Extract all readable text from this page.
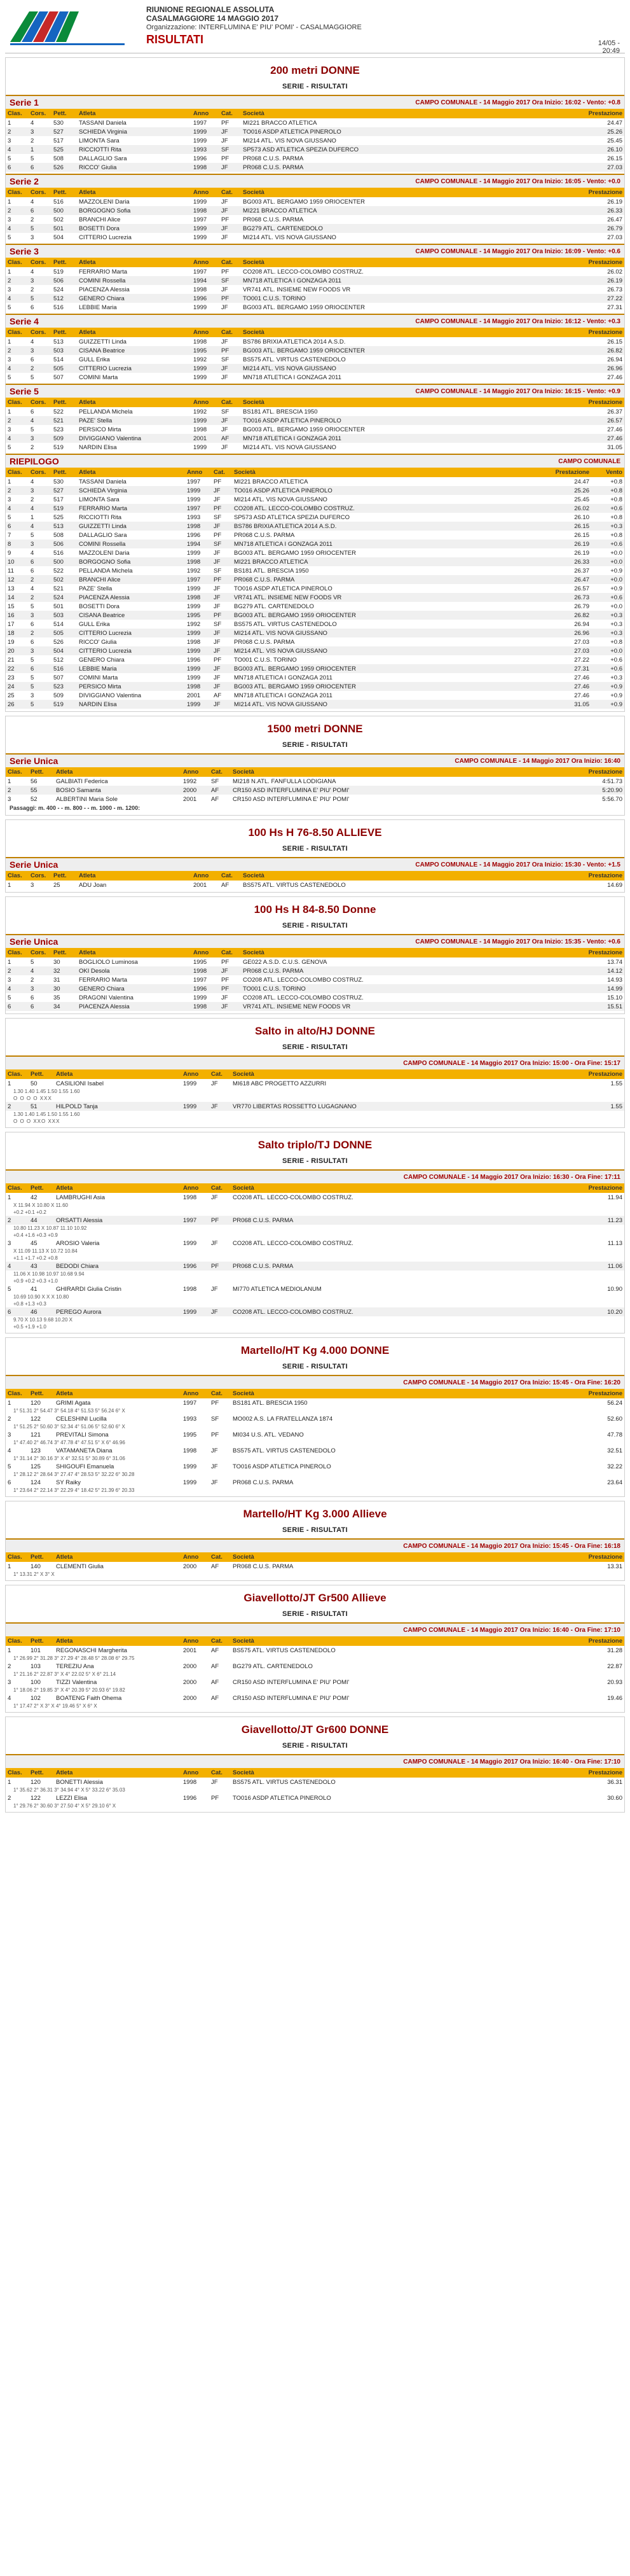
RIUNIONE REGIONALE ASSOLUTA
CASALMAGGIORE 14 MAGGIO 2017
Organizzazione: INTERFLUMINA E' PIU' POMI' - CASALMAGGIORE
RISULTATI	14/05 -
20:49
200 metri DONNE
SERIE - RISULTATI
Serie 1	CAMPO COMUNALE - 14 Maggio 2017 Ora Inizio: 16:02 - Vento: +0.8
Clas.	Cors.	Pett.	Atleta	Anno	Cat.	Società	Prestazione
1	4	530	TASSANI Daniela	1997	PF	MI221 BRACCO ATLETICA	24.47
2	3	527	SCHIEDA Virginia	1999	JF	TO016 ASDP ATLETICA PINEROLO	25.26
3	2	517	LIMONTA Sara	1999	JF	MI214 ATL. VIS NOVA GIUSSANO	25.45
4	1	525	RICCIOTTI Rita	1993	SF	SP573 ASD ATLETICA SPEZIA DUFERCO	26.10
5	5	508	DALLAGLIO Sara	1996	PF	PR068 C.U.S. PARMA	26.15
6	6	526	RICCO' Giulia	1998	JF	PR068 C.U.S. PARMA	27.03
Serie 2	CAMPO COMUNALE - 14 Maggio 2017 Ora Inizio: 16:05 - Vento: +0.0
Clas.	Cors.	Pett.	Atleta	Anno	Cat.	Società	Prestazione
1	4	516	MAZZOLENI Daria	1999	JF	BG003 ATL. BERGAMO 1959 ORIOCENTER	26.19
2	6	500	BORGOGNO Sofia	1998	JF	MI221 BRACCO ATLETICA	26.33
3	2	502	BRANCHI Alice	1997	PF	PR068 C.U.S. PARMA	26.47
4	5	501	BOSETTI Dora	1999	JF	BG279 ATL. CARTENEDOLO	26.79
5	3	504	CITTERIO Lucrezia	1999	JF	MI214 ATL. VIS NOVA GIUSSANO	27.03
Serie 3	CAMPO COMUNALE - 14 Maggio 2017 Ora Inizio: 16:09 - Vento: +0.6
Clas.	Cors.	Pett.	Atleta	Anno	Cat.	Società	Prestazione
1	4	519	FERRARIO Marta	1997	PF	CO208 ATL. LECCO-COLOMBO COSTRUZ.	26.02
2	3	506	COMINI Rossella	1994	SF	MN718 ATLETICA I GONZAGA 2011	26.19
3	2	524	PIACENZA Alessia	1998	JF	VR741 ATL. INSIEME NEW FOODS VR	26.73
4	5	512	GENERO Chiara	1996	PF	TO001 C.U.S. TORINO	27.22
5	6	516	LEBBIE Maria	1999	JF	BG003 ATL. BERGAMO 1959 ORIOCENTER	27.31
Serie 4	CAMPO COMUNALE - 14 Maggio 2017 Ora Inizio: 16:12 - Vento: +0.3
Clas.	Cors.	Pett.	Atleta	Anno	Cat.	Società	Prestazione
1	4	513	GUIZZETTI Linda	1998	JF	BS786 BRIXIA ATLETICA 2014 A.S.D.	26.15
2	3	503	CISANA Beatrice	1995	PF	BG003 ATL. BERGAMO 1959 ORIOCENTER	26.82
3	6	514	GULL Erika	1992	SF	BS575 ATL. VIRTUS CASTENEDOLO	26.94
4	2	505	CITTERIO Lucrezia	1999	JF	MI214 ATL. VIS NOVA GIUSSANO	26.96
5	5	507	COMINI Marta	1999	JF	MN718 ATLETICA I GONZAGA 2011	27.46
Serie 5	CAMPO COMUNALE - 14 Maggio 2017 Ora Inizio: 16:15 - Vento: +0.9
Clas.	Cors.	Pett.	Atleta	Anno	Cat.	Società	Prestazione
1	6	522	PELLANDA Michela	1992	SF	BS181 ATL. BRESCIA 1950	26.37
2	4	521	PAZE' Stella	1999	JF	TO016 ASDP ATLETICA PINEROLO	26.57
3	5	523	PERSICO Mirta	1998	JF	BG003 ATL. BERGAMO 1959 ORIOCENTER	27.46
4	3	509	DIVIGGIANO Valentina	2001	AF	MN718 ATLETICA I GONZAGA 2011	27.46
5	2	519	NARDIN Elisa	1999	JF	MI214 ATL. VIS NOVA GIUSSANO	31.05
RIEPILOGO	CAMPO COMUNALE
Clas.	Cors.	Pett.	Atleta	Anno	Cat.	Società	Prestazione	Vento
1	4	530	TASSANI Daniela	1997	PF	MI221 BRACCO ATLETICA	24.47	+0.8
2	3	527	SCHIEDA Virginia	1999	JF	TO016 ASDP ATLETICA PINEROLO	25.26	+0.8
3	2	517	LIMONTA Sara	1999	JF	MI214 ATL. VIS NOVA GIUSSANO	25.45	+0.8
4	4	519	FERRARIO Marta	1997	PF	CO208 ATL. LECCO-COLOMBO COSTRUZ.	26.02	+0.6
5	1	525	RICCIOTTI Rita	1993	SF	SP573 ASD ATLETICA SPEZIA DUFERCO	26.10	+0.8
6	4	513	GUIZZETTI Linda	1998	JF	BS786 BRIXIA ATLETICA 2014 A.S.D.	26.15	+0.3
7	5	508	DALLAGLIO Sara	1996	PF	PR068 C.U.S. PARMA	26.15	+0.8
8	3	506	COMINI Rossella	1994	SF	MN718 ATLETICA I GONZAGA 2011	26.19	+0.6
9	4	516	MAZZOLENI Daria	1999	JF	BG003 ATL. BERGAMO 1959 ORIOCENTER	26.19	+0.0
10	6	500	BORGOGNO Sofia	1998	JF	MI221 BRACCO ATLETICA	26.33	+0.0
11	6	522	PELLANDA Michela	1992	SF	BS181 ATL. BRESCIA 1950	26.37	+0.9
12	2	502	BRANCHI Alice	1997	PF	PR068 C.U.S. PARMA	26.47	+0.0
13	4	521	PAZE' Stella	1999	JF	TO016 ASDP ATLETICA PINEROLO	26.57	+0.9
14	2	524	PIACENZA Alessia	1998	JF	VR741 ATL. INSIEME NEW FOODS VR	26.73	+0.6
15	5	501	BOSETTI Dora	1999	JF	BG279 ATL. CARTENEDOLO	26.79	+0.0
16	3	503	CISANA Beatrice	1995	PF	BG003 ATL. BERGAMO 1959 ORIOCENTER	26.82	+0.3
17	6	514	GULL Erika	1992	SF	BS575 ATL. VIRTUS CASTENEDOLO	26.94	+0.3
18	2	505	CITTERIO Lucrezia	1999	JF	MI214 ATL. VIS NOVA GIUSSANO	26.96	+0.3
19	6	526	RICCO' Giulia	1998	JF	PR068 C.U.S. PARMA	27.03	+0.8
20	3	504	CITTERIO Lucrezia	1999	JF	MI214 ATL. VIS NOVA GIUSSANO	27.03	+0.0
21	5	512	GENERO Chiara	1996	PF	TO001 C.U.S. TORINO	27.22	+0.6
22	6	516	LEBBIE Maria	1999	JF	BG003 ATL. BERGAMO 1959 ORIOCENTER	27.31	+0.6
23	5	507	COMINI Marta	1999	JF	MN718 ATLETICA I GONZAGA 2011	27.46	+0.3
24	5	523	PERSICO Mirta	1998	JF	BG003 ATL. BERGAMO 1959 ORIOCENTER	27.46	+0.9
25	3	509	DIVIGGIANO Valentina	2001	AF	MN718 ATLETICA I GONZAGA 2011	27.46	+0.9
26	5	519	NARDIN Elisa	1999	JF	MI214 ATL. VIS NOVA GIUSSANO	31.05	+0.9
1500 metri DONNE
SERIE - RISULTATI
Serie Unica	CAMPO COMUNALE - 14 Maggio 2017 Ora Inizio: 16:40
Clas.	Pett.	Atleta	Anno	Cat.	Società	Prestazione
1	56	GALBIATI Federica	1992	SF	MI218 N.ATL. FANFULLA LODIGIANA	4:51.73
2	55	BOSIO Samanta	2000	AF	CR150 ASD INTERFLUMINA E' PIU' POMI'	5:20.90
3	52	ALBERTINI Maria Sole	2001	AF	CR150 ASD INTERFLUMINA E' PIU' POMI'	5:56.70
Passaggi: m. 400 - - m. 800 - - m. 1000 - m. 1200:
100 Hs H 76-8.50 ALLIEVE
SERIE - RISULTATI
Serie Unica	CAMPO COMUNALE - 14 Maggio 2017 Ora Inizio: 15:30 - Vento: +1.5
Clas.	Cors.	Pett.	Atleta	Anno	Cat.	Società	Prestazione
1	3	25	ADU Joan	2001	AF	BS575 ATL. VIRTUS CASTENEDOLO	14.69
100 Hs H 84-8.50 Donne
SERIE - RISULTATI
Serie Unica	CAMPO COMUNALE - 14 Maggio 2017 Ora Inizio: 15:35 - Vento: +0.6
Clas.	Cors.	Pett.	Atleta	Anno	Cat.	Società	Prestazione
1	5	30	BOGLIOLO Luminosa	1995	PF	GE022 A.S.D. C.U.S. GENOVA	13.74
2	4	32	OKI Desola	1998	JF	PR068 C.U.S. PARMA	14.12
3	2	31	FERRARIO Marta	1997	PF	CO208 ATL. LECCO-COLOMBO COSTRUZ.	14.93
4	3	30	GENERO Chiara	1996	PF	TO001 C.U.S. TORINO	14.99
5	6	35	DRAGONI Valentina	1999	JF	CO208 ATL. LECCO-COLOMBO COSTRUZ.	15.10
6	6	34	PIACENZA Alessia	1998	JF	VR741 ATL. INSIEME NEW FOODS VR	15.51
Salto in alto/HJ DONNE
SERIE - RISULTATI
CAMPO COMUNALE - 14 Maggio 2017 Ora Inizio: 15:00 - Ora Fine: 15:17
Clas.	Pett.	Atleta	Anno	Cat.	Società	Prestazione
1	50	CASILIONI Isabel	1999	JF	MI618 ABC PROGETTO AZZURRI	1.55
1.30 1.40 1.45 1.50 1.55 1.60						
O O O O XXX						
2	51	HILPOLD Tanja	1999	JF	VR770 LIBERTAS ROSSETTO LUGAGNANO	1.55
1.30 1.40 1.45 1.50 1.55 1.60						
O O O XXO XXX						
Salto triplo/TJ DONNE
SERIE - RISULTATI
CAMPO COMUNALE - 14 Maggio 2017 Ora Inizio: 16:30 - Ora Fine: 17:11
Clas.	Pett.	Atleta	Anno	Cat.	Società	Prestazione
1	42	LAMBRUGHI Asia	1998	JF	CO208 ATL. LECCO-COLOMBO COSTRUZ.	11.94
X 11.94 X 10.80 X 11.60						
+0.2 +0.1 +0.2						
2	44	ORSATTI Alessia	1997	PF	PR068 C.U.S. PARMA	11.23
10.80 11.23 X 10.87 11.10 10.92						
+0.4 +1.6 +0.3 +0.9						
3	45	AROSIO Valeria	1999	JF	CO208 ATL. LECCO-COLOMBO COSTRUZ.	11.13
X 11.09 11.13 X 10.72 10.84						
+1.1 +1.7 +0.2 +0.8						
4	43	BEDODI Chiara	1996	PF	PR068 C.U.S. PARMA	11.06
11.06 X 10.98 10.97 10.68 9.94						
+0.9 +0.2 +0.3 +1.0						
5	41	GHIRARDI Giulia Cristin	1998	JF	MI770 ATLETICA MEDIOLANUM	10.90
10.69 10.90 X X X 10.80						
+0.8 +1.3 +0.3						
6	46	PEREGO Aurora	1999	JF	CO208 ATL. LECCO-COLOMBO COSTRUZ.	10.20
9.70 X 10.13 9.68 10.20 X						
+0.5 +1.9 +1.0						
Martello/HT Kg 4.000 DONNE
SERIE - RISULTATI
CAMPO COMUNALE - 14 Maggio 2017 Ora Inizio: 15:45 - Ora Fine: 16:20
Clas.	Pett.	Atleta	Anno	Cat.	Società	Prestazione
1	120	GRIMI Agata	1997	PF	BS181 ATL. BRESCIA 1950	56.24
1° 51.31 2° 54.47 3° 54.18 4° 51.53 5° 56.24 6° X						
2	122	CELESHINI Lucilla	1993	SF	MO002 A.S. LA FRATELLANZA 1874	52.60
1° 51.25 2° 50.60 3° 52.34 4° 51.06 5° 52.60 6° X						
3	121	PREVITALI Simona	1995	PF	MI034 U.S. ATL. VEDANO	47.78
1° 47.40 2° 46.74 3° 47.78 4° 47.51 5° X 6° 46.96						
4	123	VATAMANETA Diana	1998	JF	BS575 ATL. VIRTUS CASTENEDOLO	32.51
1° 31.14 2° 30.16 3° X 4° 32.51 5° 30.89 6° 31.06						
5	125	SHIGOUFI Emanuela	1999	JF	TO016 ASDP ATLETICA PINEROLO	32.22
1° 28.12 2° 28.64 3° 27.47 4° 28.53 5° 32.22 6° 30.28						
6	124	SY Raiky	1999	JF	PR068 C.U.S. PARMA	23.64
1° 23.64 2° 22.14 3° 22.29 4° 18.42 5° 21.39 6° 20.33						
Martello/HT Kg 3.000 Allieve
SERIE - RISULTATI
CAMPO COMUNALE - 14 Maggio 2017 Ora Inizio: 15:45 - Ora Fine: 16:18
Clas.	Pett.	Atleta	Anno	Cat.	Società	Prestazione
1	140	CLEMENTI Giulia	2000	AF	PR068 C.U.S. PARMA	13.31
1° 13.31 2° X 3° X						
Giavellotto/JT Gr500 Allieve
SERIE - RISULTATI
CAMPO COMUNALE - 14 Maggio 2017 Ora Inizio: 16:40 - Ora Fine: 17:10
Clas.	Pett.	Atleta	Anno	Cat.	Società	Prestazione
1	101	REGONASCHI Margherita	2001	AF	BS575 ATL. VIRTUS CASTENEDOLO	31.28
1° 26.99 2° 31.28 3° 27.29 4° 28.48 5° 28.08 6° 29.75						
2	103	TEREZIU Ana	2000	AF	BG279 ATL. CARTENEDOLO	22.87
1° 21.16 2° 22.87 3° X 4° 22.02 5° X 6° 21.14						
3	100	TIZZI Valentina	2000	AF	CR150 ASD INTERFLUMINA E' PIU' POMI'	20.93
1° 18.06 2° 19.85 3° X 4° 20.39 5° 20.93 6° 19.82						
4	102	BOATENG Faith Ohema	2000	AF	CR150 ASD INTERFLUMINA E' PIU' POMI'	19.46
1° 17.47 2° X 3° X 4° 19.46 5° X 6° X						
Giavellotto/JT Gr600 DONNE
SERIE - RISULTATI
CAMPO COMUNALE - 14 Maggio 2017 Ora Inizio: 16:40 - Ora Fine: 17:10
Clas.	Pett.	Atleta	Anno	Cat.	Società	Prestazione
1	120	BONETTI Alessia	1998	JF	BS575 ATL. VIRTUS CASTENEDOLO	36.31
1° 35.62 2° 36.31 3° 34.94 4° X 5° 33.22 6° 35.03						
2	122	LEZZI Elisa	1996	PF	TO016 ASDP ATLETICA PINEROLO	30.60
1° 29.76 2° 30.60 3° 27.50 4° X 5° 29.10 6° X						
